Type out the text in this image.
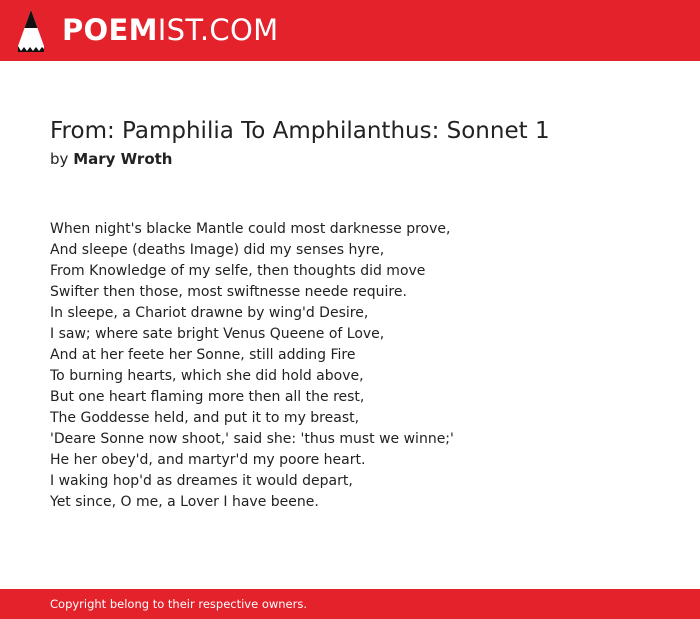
POEMIST.COM
From: Pamphilia To Amphilanthus: Sonnet 1
by Mary Wroth
When night's blacke Mantle could most darknesse prove,
And sleepe (deaths Image) did my senses hyre,
From Knowledge of my selfe, then thoughts did move
Swifter then those, most swiftnesse neede require.
In sleepe, a Chariot drawne by wing'd Desire,
I saw; where sate bright Venus Queene of Love,
And at her feete her Sonne, still adding Fire
To burning hearts, which she did hold above,
But one heart flaming more then all the rest,
The Goddesse held, and put it to my breast,
'Deare Sonne now shoot,' said she: 'thus must we winne;'
He her obey'd, and martyr'd my poore heart.
I waking hop'd as dreames it would depart,
Yet since, O me, a Lover I have beene.
Copyright belong to their respective owners.
